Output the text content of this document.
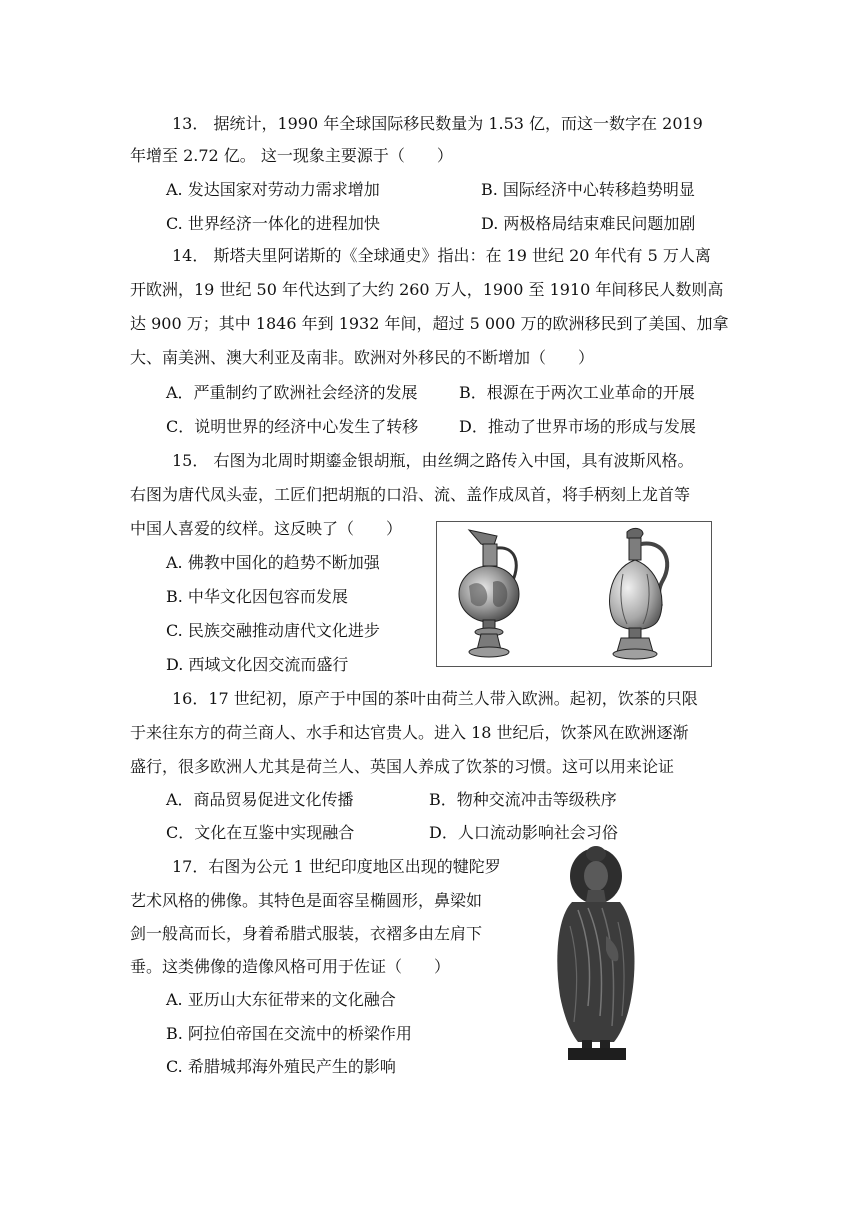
13． 据统计，1990 年全球国际移民数量为 1.53 亿，而这一数字在 2019
年增至 2.72 亿。 这一现象主要源于（　　）
A. 发达国家对劳动力需求增加	B. 国际经济中心转移趋势明显
C. 世界经济一体化的进程加快	D. 两极格局结束难民问题加剧
14． 斯塔夫里阿诺斯的《全球通史》指出：在 19 世纪 20 年代有 5 万人离
开欧洲，19 世纪 50 年代达到了大约 260 万人，1900 至 1910 年间移民人数则高
达 900 万；其中 1846 年到 1932 年间，超过 5 000 万的欧洲移民到了美国、加拿
大、南美洲、澳大利亚及南非。欧洲对外移民的不断增加（　　）
A．严重制约了欧洲社会经济的发展	B．根源在于两次工业革命的开展
C．说明世界的经济中心发生了转移	D．推动了世界市场的形成与发展
15． 右图为北周时期鎏金银胡瓶，由丝绸之路传入中国，具有波斯风格。
右图为唐代凤头壶，工匠们把胡瓶的口沿、流、盖作成凤首，将手柄刻上龙首等
中国人喜爱的纹样。这反映了（　　）
A. 佛教中国化的趋势不断加强
B. 中华文化因包容而发展
C. 民族交融推动唐代文化进步
D. 西域文化因交流而盛行
16．17 世纪初，原产于中国的茶叶由荷兰人带入欧洲。起初，饮茶的只限
于来往东方的荷兰商人、水手和达官贵人。进入 18 世纪后，饮茶风在欧洲逐渐
盛行，很多欧洲人尤其是荷兰人、英国人养成了饮茶的习惯。这可以用来论证
A．商品贸易促进文化传播	B．物种交流冲击等级秩序
C．文化在互鉴中实现融合	D．人口流动影响社会习俗
17．右图为公元 1 世纪印度地区出现的犍陀罗
艺术风格的佛像。其特色是面容呈椭圆形，鼻梁如
剑一般高而长，身着希腊式服装，衣褶多由左肩下
垂。这类佛像的造像风格可用于佐证（　　）
A. 亚历山大东征带来的文化融合
B. 阿拉伯帝国在交流中的桥梁作用
C. 希腊城邦海外殖民产生的影响
